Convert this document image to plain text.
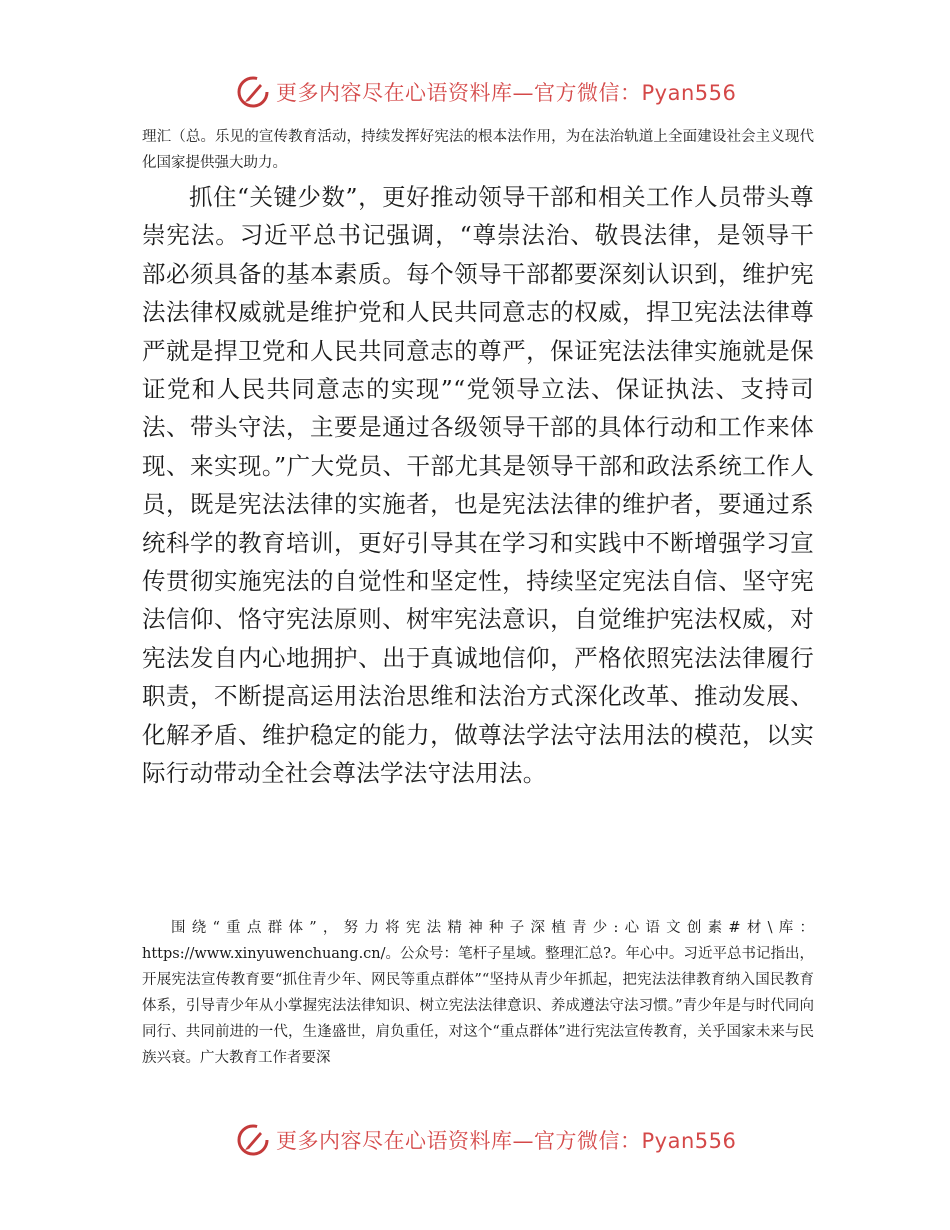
更多内容尽在心语资料库—官方微信：Pyan556

理汇（总。乐见的宣传教育活动，持续发挥好宪法的根本法作用，为在法治轨道上全面建设社会主义现代化国家提供强大助力。

抓住“关键少数”，更好推动领导干部和相关工作人员带头尊崇宪法。习近平总书记强调，“尊崇法治、敬畏法律，是领导干部必须具备的基本素质。每个领导干部都要深刻认识到，维护宪法法律权威就是维护党和人民共同意志的权威，捍卫宪法法律尊严就是捍卫党和人民共同意志的尊严，保证宪法法律实施就是保证党和人民共同意志的实现”“党领导立法、保证执法、支持司法、带头守法，主要是通过各级领导干部的具体行动和工作来体现、来实现。”广大党员、干部尤其是领导干部和政法系统工作人员，既是宪法法律的实施者，也是宪法法律的维护者，要通过系统科学的教育培训，更好引导其在学习和实践中不断增强学习宣传贯彻实施宪法的自觉性和坚定性，持续坚定宪法自信、坚守宪法信仰、恪守宪法原则、树牢宪法意识，自觉维护宪法权威，对宪法发自内心地拥护、出于真诚地信仰，严格依照宪法法律履行职责，不断提高运用法治思维和法治方式深化改革、推动发展、化解矛盾、维护稳定的能力，做尊法学法守法用法的模范，以实际行动带动全社会尊法学法守法用法。

围绕“重点群体”，努力将宪法精神种子深植青少:心语文创素#材\库：https://www.xinyuwenchuang.cn/。公众号：笔杆子星域。整理汇总?。年心中。习近平总书记指出，开展宪法宣传教育要“抓住青少年、网民等重点群体”“坚持从青少年抓起，把宪法法律教育纳入国民教育体系，引导青少年从小掌握宪法法律知识、树立宪法法律意识、养成遵法守法习惯。”青少年是与时代同向同行、共同前进的一代，生逢盛世，肩负重任，对这个“重点群体”进行宪法宣传教育，关乎国家未来与民族兴衰。广大教育工作者要深

更多内容尽在心语资料库—官方微信：Pyan556
